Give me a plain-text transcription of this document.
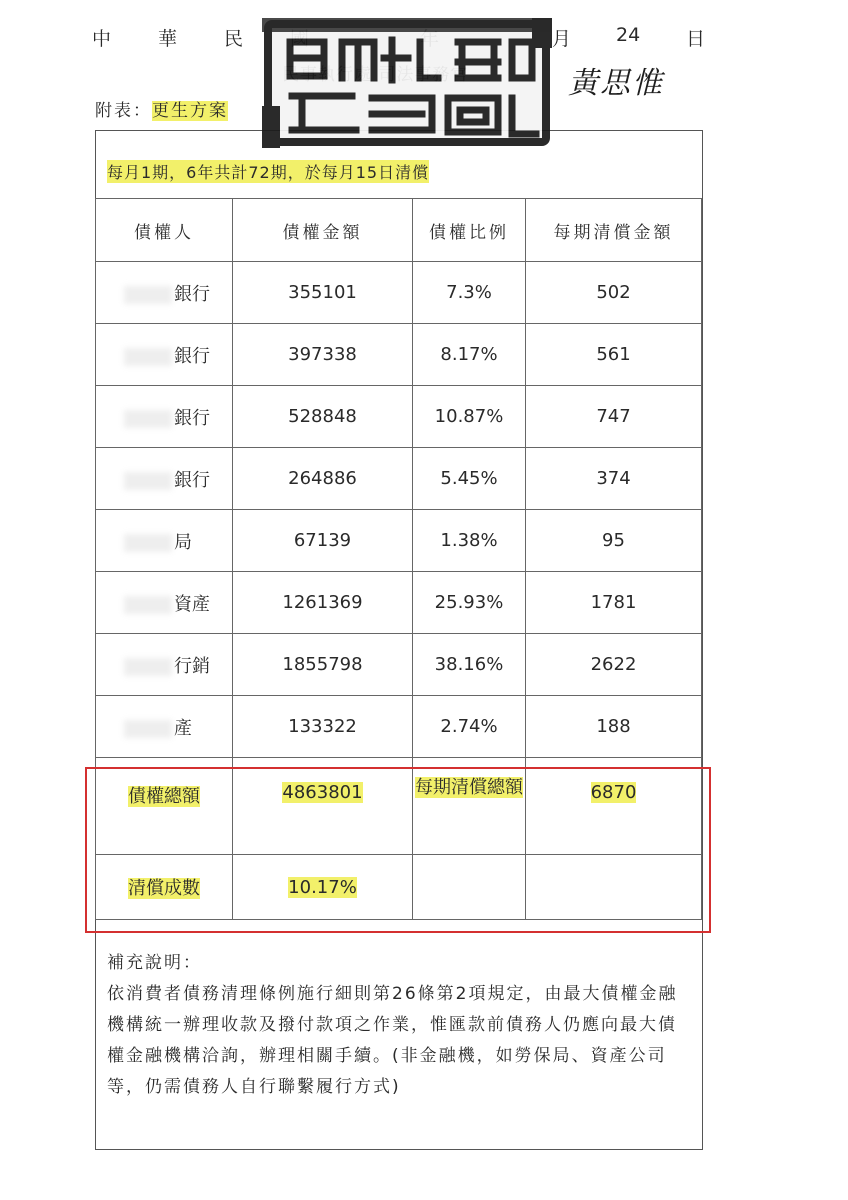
中 華 民	月 24 日
黃思惟
附表：更生方案
每月1期，6年共計72期，於每月15日清償
債權人	債權金額	債權比例	每期清償金額
銀行	355101	7.3%	502
銀行	397338	8.17%	561
銀行	528848	10.87%	747
銀行	264886	5.45%	374
局	67139	1.38%	95
資產	1261369	25.93%	1781
行銷	1855798	38.16%	2622
產	133322	2.74%	188

債權總額	4863801	每期清償總額	6870

清償成數	10.17%		
補充說明：
依消費者債務清理條例施行細則第26條第2項規定，由最大債權金融機構統一辦理收款及撥付款項之作業，惟匯款前債務人仍應向最大債權金融機構洽詢，辦理相關手續。(非金融機，如勞保局、資產公司等，仍需債務人自行聯繫履行方式)
